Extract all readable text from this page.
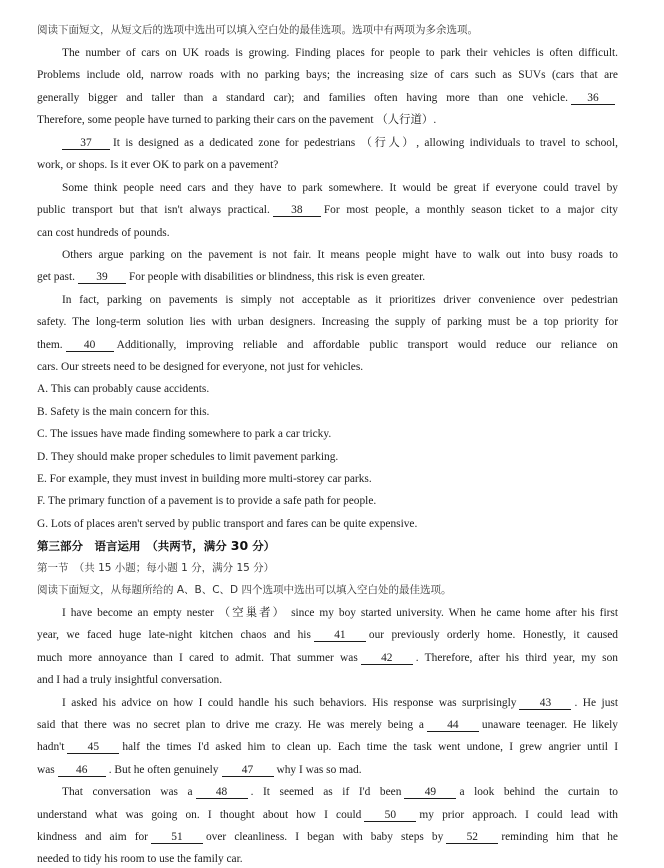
阅读下面短文，从短文后的选项中选出可以填入空白处的最佳选项。选项中有两项为多余选项。
The number of cars on UK roads is growing. Finding places for people to park their vehicles is often difficult.
Problems include old, narrow roads with no parking bays; the increasing size of cars such as SUVs (cars that are
generally bigger and taller than a standard car); and families often having more than one vehicle. 36
Therefore, some people have turned to parking their cars on the pavement （人行道）.
37 It is designed as a dedicated zone for pedestrians （行人）, allowing individuals to travel to school,
work, or shops. Is it ever OK to park on a pavement?
Some think people need cars and they have to park somewhere. It would be great if everyone could travel by
public transport but that isn't always practical. 38 For most people, a monthly season ticket to a major city
can cost hundreds of pounds.
Others argue parking on the pavement is not fair. It means people might have to walk out into busy roads to
get past. 39 For people with disabilities or blindness, this risk is even greater.
In fact, parking on pavements is simply not acceptable as it prioritizes driver convenience over pedestrian
safety. The long-term solution lies with urban designers. Increasing the supply of parking must be a top priority for
them. 40 Additionally, improving reliable and affordable public transport would reduce our reliance on
cars. Our streets need to be designed for everyone, not just for vehicles.
A. This can probably cause accidents.
B. Safety is the main concern for this.
C. The issues have made finding somewhere to park a car tricky.
D. They should make proper schedules to limit pavement parking.
E. For example, they must invest in building more multi-storey car parks.
F. The primary function of a pavement is to provide a safe path for people.
G. Lots of places aren't served by public transport and fares can be quite expensive.
第三部分　语言运用　（共两节，满分 30 分）
第一节　（共 15 小题；每小题 1 分，满分 15 分）
阅读下面短文，从每题所给的 A、B、C、D 四个选项中选出可以填入空白处的最佳选项。
I have become an empty nester （空巢者） since my boy started university. When he came home after his first
year, we faced huge late-night kitchen chaos and his 41 our previously orderly home. Honestly, it caused
much more annoyance than I cared to admit. That summer was 42 . Therefore, after his third year, my son
and I had a truly insightful conversation.
I asked his advice on how I could handle his such behaviors. His response was surprisingly 43 . He just
said that there was no secret plan to drive me crazy. He was merely being a 44 unaware teenager. He likely
hadn't 45 half the times I'd asked him to clean up. Each time the task went undone, I grew angrier until I
was 46 . But he often genuinely 47 why I was so mad.
That conversation was a 48 . It seemed as if I'd been 49 a look behind the curtain to
understand what was going on. I thought about how I could 50 my prior approach. I could lead with
kindness and aim for 51 over cleanliness. I began with baby steps by 52 reminding him that he
needed to tidy his room to use the family car.
